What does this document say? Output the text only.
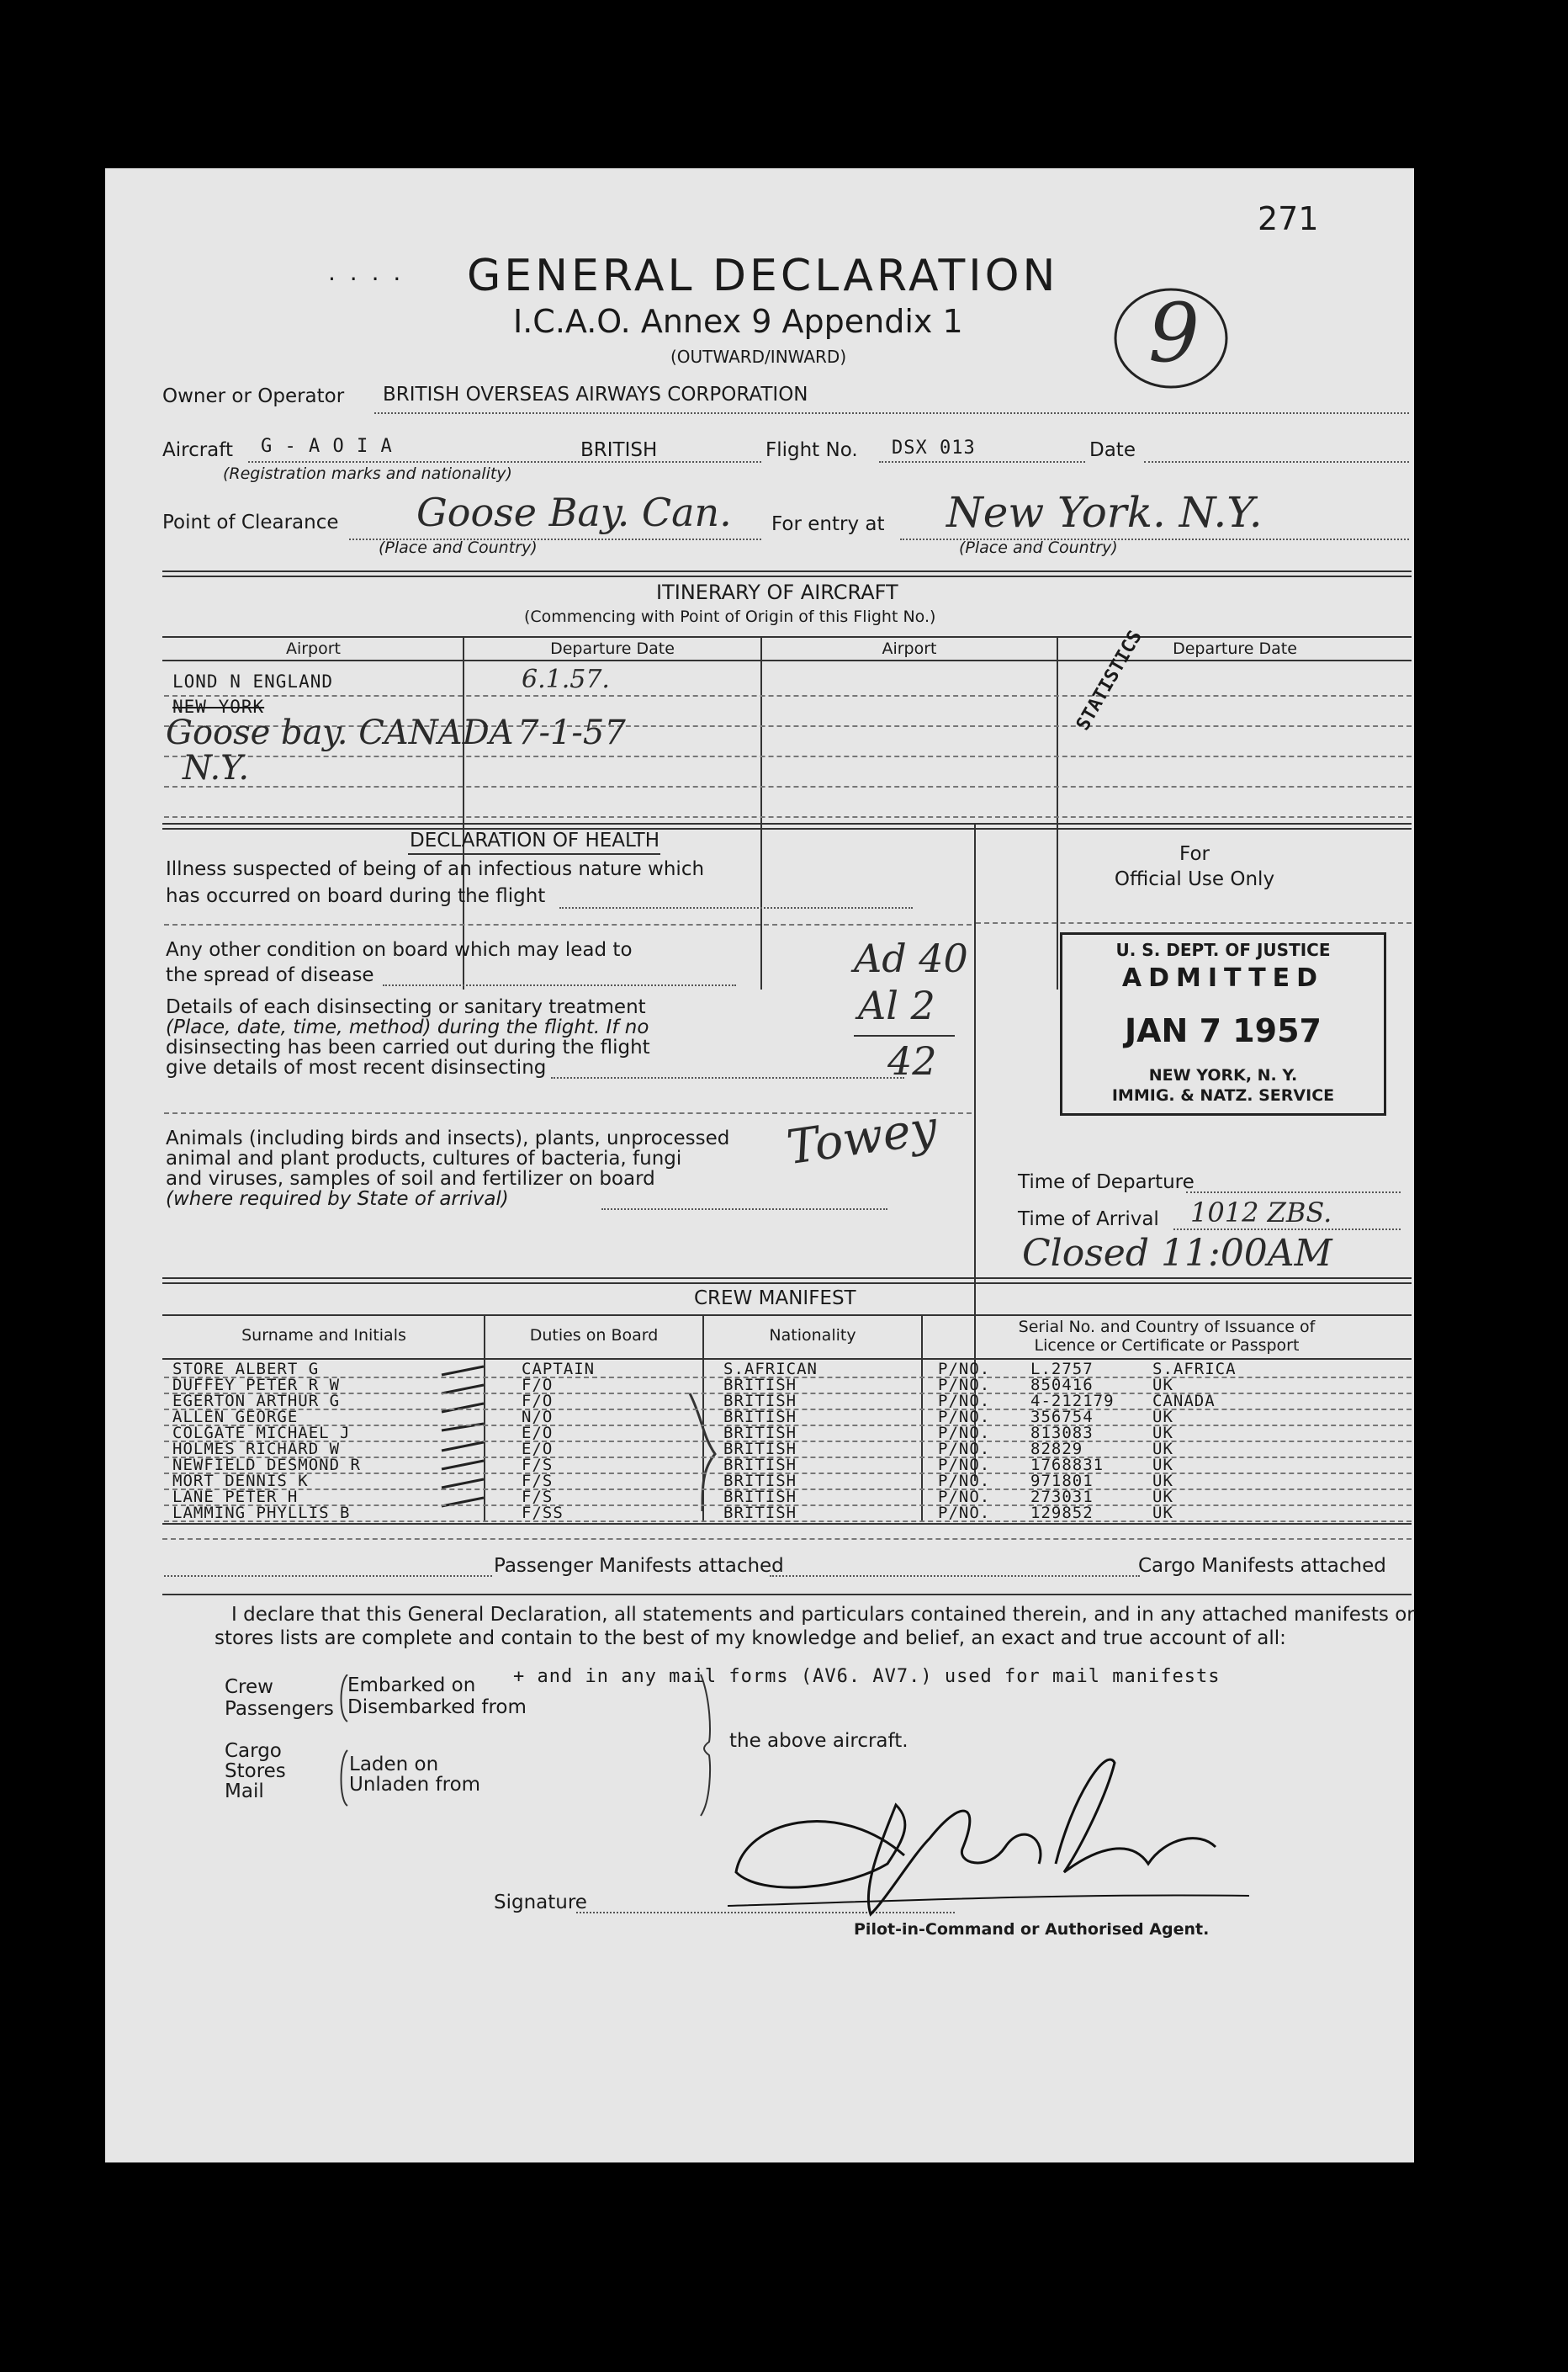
271
· · · · GENERAL DECLARATION
I.C.A.O. Annex 9 Appendix 1
(OUTWARD/INWARD)	9
Owner or Operator BRITISH OVERSEAS AIRWAYS CORPORATION
Aircraft G - A O I A	BRITISH	Flight No. DSX 013	Date
(Registration marks and nationality)
Point of Clearance Goose Bay. Can. For entry at New York. N.Y.
(Place and Country)	(Place and Country)
ITINERARY OF AIRCRAFT
(Commencing with Point of Origin of this Flight No.)
Airport	Departure Date	Airport	Departure Date
LOND N ENGLAND	6.1.57.
NEW YORK
Goose bay. CANADA 7-1-57
N.Y.
STATISTICS
DECLARATION OF HEALTH
Illness suspected of being of an infectious nature which
has occurred on board during the flight
Any other condition on board which may lead to
the spread of disease
Details of each disinsecting or sanitary treatment
(Place, date, time, method) during the flight. If no
disinsecting has been carried out during the flight
give details of most recent disinsecting
Ad 40
Al 2
42
Animals (including birds and insects), plants, unprocessed
animal and plant products, cultures of bacteria, fungi
and viruses, samples of soil and fertilizer on board
(where required by State of arrival)
Towey
For
Official Use Only
U. S. DEPT. OF JUSTICE
ADMITTED
JAN 7 1957
NEW YORK, N. Y.
IMMIG. & NATZ. SERVICE
Time of Departure
Time of Arrival 1012 ZBS.
Closed 11:00AM
CREW MANIFEST
Surname and Initials	Duties on Board	Nationality	Serial No. and Country of Issuance of
Licence or Certificate or Passport
Passenger Manifests attached	Cargo Manifests attached
I declare that this General Declaration, all statements and particulars contained therein, and in any attached manifests or
stores lists are complete and contain to the best of my knowledge and belief, an exact and true account of all:
Crew
Passengers
Embarked on
Disembarked from
+ and in any mail forms (AV6. AV7.) used for mail manifests
Cargo
Stores
Mail
Laden on
Unladen from
the above aircraft.
Signature
Pilot-in-Command or Authorised Agent.
STORE ALBERT G	CAPTAIN	S.AFRICAN	P/NO.	L.2757	S.AFRICA
DUFFEY PETER R W	F/O	BRITISH	P/NO.	850416	UK
EGERTON ARTHUR G	F/O	BRITISH	P/NO.	4-212179 CANADA
ALLEN GEORGE	N/O	BRITISH	P/NO.	356754	UK
COLGATE MICHAEL J	E/O	BRITISH	P/NO.	813083	UK
HOLMES RICHARD W	E/O	BRITISH	P/NO.	82829	UK
NEWFIELD DESMOND R	F/S	BRITISH	P/NO.	1768831	UK
MORT DENNIS K	F/S	BRITISH	P/NO.	971801	UK
LANE PETER H	F/S	BRITISH	P/NO.	273031	UK
LAMMING PHYLLIS B	F/SS	BRITISH	P/NO.	129852	UK
